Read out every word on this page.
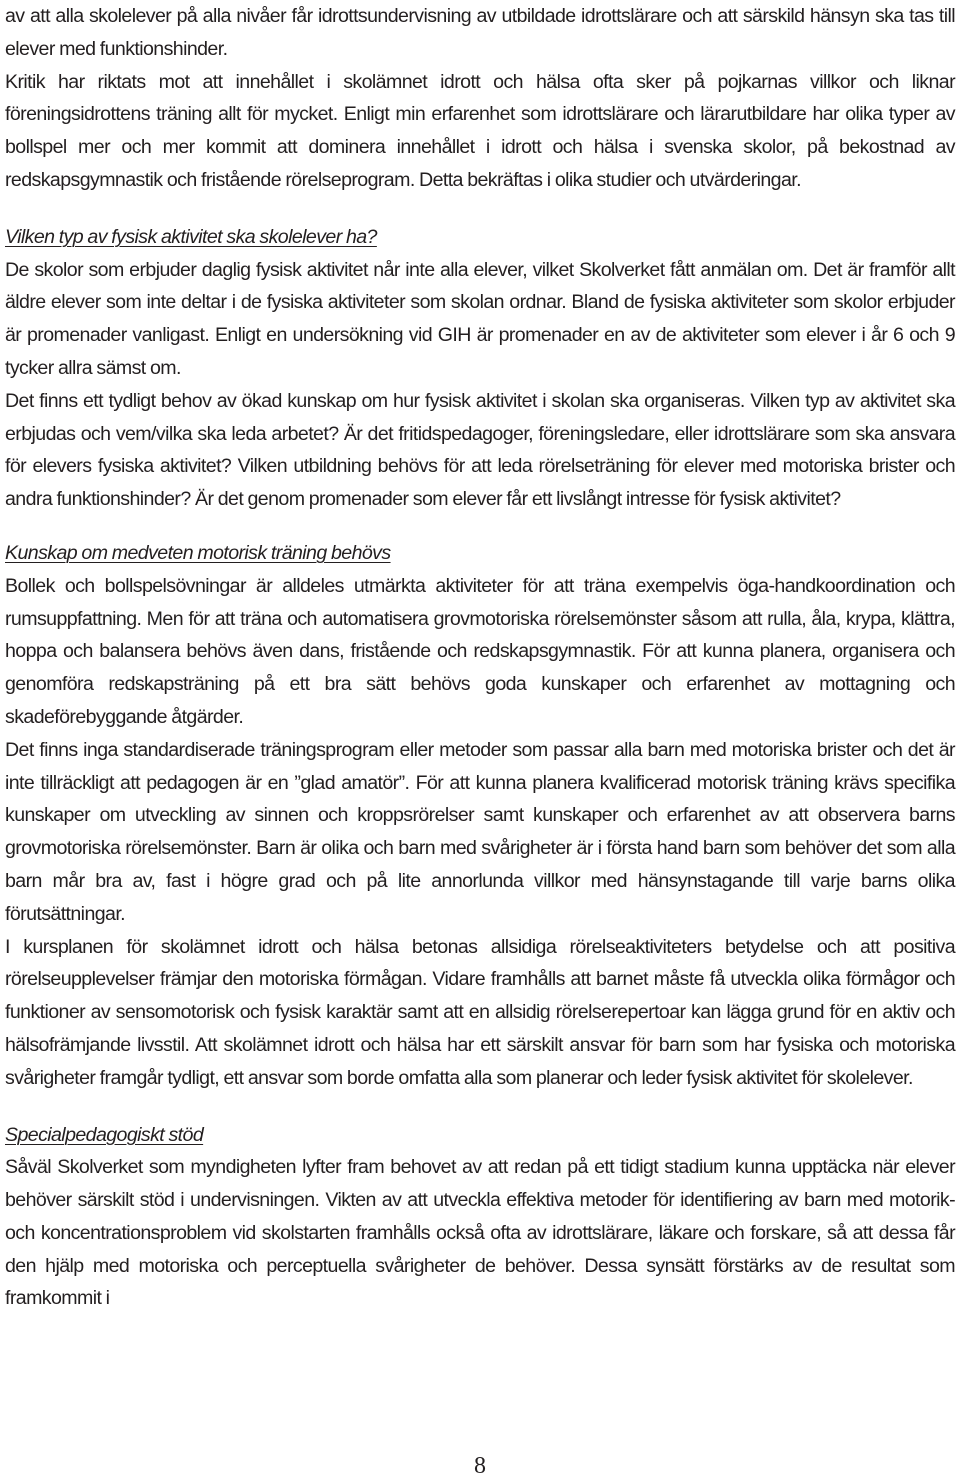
av att alla skolelever på alla nivåer får idrottsundervisning av utbildade idrottslärare och att särskild hänsyn ska tas till elever med funktionshinder.

Kritik har riktats mot att innehållet i skolämnet idrott och hälsa ofta sker på pojkarnas villkor och liknar föreningsidrottens träning allt för mycket. Enligt min erfarenhet som idrottslärare och lärarutbildare har olika typer av bollspel mer och mer kommit att dominera innehållet i idrott och hälsa i svenska skolor, på bekostnad av redskapsgymnastik och fristående rörelseprogram. Detta bekräftas i olika studier och utvärderingar.

Vilken typ av fysisk aktivitet ska skolelever ha?

De skolor som erbjuder daglig fysisk aktivitet når inte alla elever, vilket Skolverket fått anmälan om. Det är framför allt äldre elever som inte deltar i de fysiska aktiviteter som skolan ordnar. Bland de fysiska aktiviteter som skolor erbjuder är promenader vanligast. Enligt en undersökning vid GIH är promenader en av de aktiviteter som elever i år 6 och 9 tycker allra sämst om.

Det finns ett tydligt behov av ökad kunskap om hur fysisk aktivitet i skolan ska organiseras. Vilken typ av aktivitet ska erbjudas och vem/vilka ska leda arbetet? Är det fritidspedagoger, föreningsledare, eller idrottslärare som ska ansvara för elevers fysiska aktivitet? Vilken utbildning behövs för att leda rörelseträning för elever med motoriska brister och andra funktionshinder? Är det genom promenader som elever får ett livslångt intresse för fysisk aktivitet?

Kunskap om medveten motorisk träning behövs

Bollek och bollspelsövningar är alldeles utmärkta aktiviteter för att träna exempelvis öga-handkoordination och rumsuppfattning. Men för att träna och automatisera grovmotoriska rörelsemönster såsom att rulla, åla, krypa, klättra, hoppa och balansera behövs även dans, fristående och redskapsgymnastik. För att kunna planera, organisera och genomföra redskapsträning på ett bra sätt behövs goda kunskaper och erfarenhet av mottagning och skadeförebyggande åtgärder.

Det finns inga standardiserade träningsprogram eller metoder som passar alla barn med motoriska brister och det är inte tillräckligt att pedagogen är en ”glad amatör”. För att kunna planera kvalificerad motorisk träning krävs specifika kunskaper om utveckling av sinnen och kroppsrörelser samt kunskaper och erfarenhet av att observera barns grovmotoriska rörelsemönster. Barn är olika och barn med svårigheter är i första hand barn som behöver det som alla barn mår bra av, fast i högre grad och på lite annorlunda villkor med hänsynstagande till varje barns olika förutsättningar.

I kursplanen för skolämnet idrott och hälsa betonas allsidiga rörelseaktiviteters betydelse och att positiva rörelseupplevelser främjar den motoriska förmågan. Vidare framhålls att barnet måste få utveckla olika förmågor och funktioner av sensomotorisk och fysisk karaktär samt att en allsidig rörelserepertoar kan lägga grund för en aktiv och hälsofrämjande livsstil. Att skolämnet idrott och hälsa har ett särskilt ansvar för barn som har fysiska och motoriska svårigheter framgår tydligt, ett ansvar som borde omfatta alla som planerar och leder fysisk aktivitet för skolelever.

Specialpedagogiskt stöd

Såväl Skolverket som myndigheten lyfter fram behovet av att redan på ett tidigt stadium kunna upptäcka när elever behöver särskilt stöd i undervisningen. Vikten av att utveckla effektiva metoder för identifiering av barn med motorik- och koncentrationsproblem vid skolstarten framhålls också ofta av idrottslärare, läkare och forskare, så att dessa får den hjälp med motoriska och perceptuella svårigheter de behöver. Dessa synsätt förstärks av de resultat som framkommit i

8
